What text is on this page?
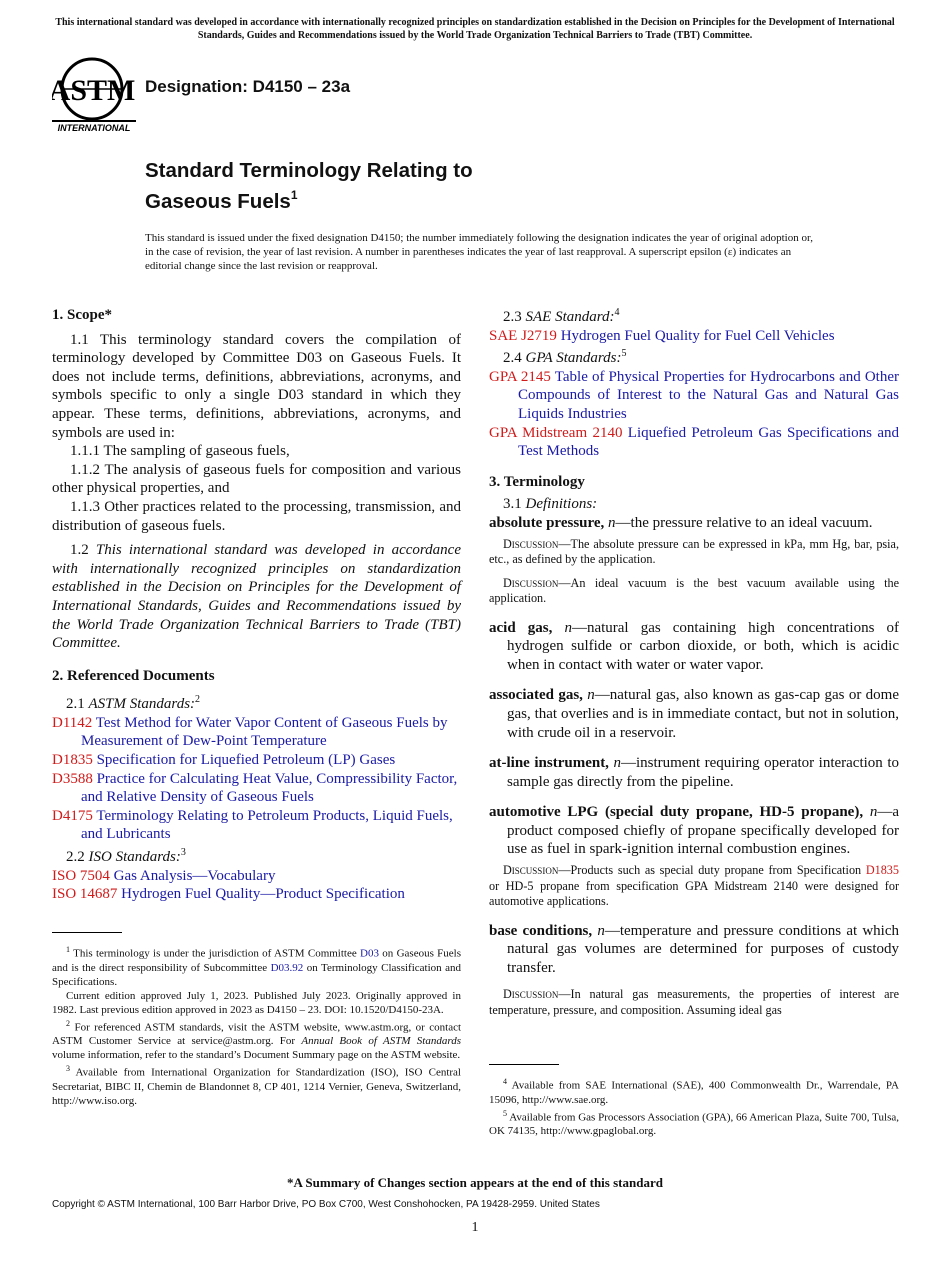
This international standard was developed in accordance with internationally recognized principles on standardization established in the Decision on Principles for the Development of International Standards, Guides and Recommendations issued by the World Trade Organization Technical Barriers to Trade (TBT) Committee.
ASTM
INTERNATIONAL
Designation: D4150 – 23a
Standard Terminology Relating to
Gaseous Fuels$^1$
This standard is issued under the fixed designation D4150; the number immediately following the designation indicates the year of original adoption or, in the case of revision, the year of last revision. A number in parentheses indicates the year of last reapproval. A superscript epsilon (ε) indicates an editorial change since the last revision or reapproval.

1. Scope*

1.1 This terminology standard covers the compilation of terminology developed by Committee D03 on Gaseous Fuels. It does not include terms, definitions, abbreviations, acronyms, and symbols specific to only a single D03 standard in which they appear. These terms, definitions, abbreviations, acronyms, and symbols are used in:

1.1.1 The sampling of gaseous fuels,

1.1.2 The analysis of gaseous fuels for composition and various other physical properties, and

1.1.3 Other practices related to the processing, transmission, and distribution of gaseous fuels.

1.2 This international standard was developed in accordance with internationally recognized principles on standardization established in the Decision on Principles for the Development of International Standards, Guides and Recommendations issued by the World Trade Organization Technical Barriers to Trade (TBT) Committee.

2. Referenced Documents

2.1 ASTM Standards:$^2$

D1142 Test Method for Water Vapor Content of Gaseous Fuels by Measurement of Dew-Point Temperature

D1835 Specification for Liquefied Petroleum (LP) Gases

D3588 Practice for Calculating Heat Value, Compressibility Factor, and Relative Density of Gaseous Fuels

D4175 Terminology Relating to Petroleum Products, Liquid Fuels, and Lubricants

2.2 ISO Standards:$^3$

ISO 7504 Gas Analysis—Vocabulary

ISO 14687 Hydrogen Fuel Quality—Product Specification

$^1$ This terminology is under the jurisdiction of ASTM Committee D03 on Gaseous Fuels and is the direct responsibility of Subcommittee D03.92 on Terminology Classification and Specifications.

Current edition approved July 1, 2023. Published July 2023. Originally approved in 1982. Last previous edition approved in 2023 as D4150 – 23. DOI: 10.1520/D4150-23A.

$^2$ For referenced ASTM standards, visit the ASTM website, www.astm.org, or contact ASTM Customer Service at service@astm.org. For Annual Book of ASTM Standards volume information, refer to the standard’s Document Summary page on the ASTM website.

$^3$ Available from International Organization for Standardization (ISO), ISO Central Secretariat, BIBC II, Chemin de Blandonnet 8, CP 401, 1214 Vernier, Geneva, Switzerland, http://www.iso.org.

2.3 SAE Standard:$^4$

SAE J2719 Hydrogen Fuel Quality for Fuel Cell Vehicles

2.4 GPA Standards:$^5$

GPA 2145 Table of Physical Properties for Hydrocarbons and Other Compounds of Interest to the Natural Gas and Natural Gas Liquids Industries

GPA Midstream 2140 Liquefied Petroleum Gas Specifications and Test Methods

3. Terminology

3.1 Definitions:

absolute pressure, n—the pressure relative to an ideal vacuum.

Discussion—The absolute pressure can be expressed in kPa, mm Hg, bar, psia, etc., as defined by the application.

Discussion—An ideal vacuum is the best vacuum available using the application.

acid gas, n—natural gas containing high concentrations of hydrogen sulfide or carbon dioxide, or both, which is acidic when in contact with water or water vapor.

associated gas, n—natural gas, also known as gas-cap gas or dome gas, that overlies and is in immediate contact, but not in solution, with crude oil in a reservoir.

at-line instrument, n—instrument requiring operator interaction to sample gas directly from the pipeline.

automotive LPG (special duty propane, HD-5 propane), n—a product composed chiefly of propane specifically developed for use as fuel in spark-ignition internal combustion engines.

Discussion—Products such as special duty propane from Specification D1835 or HD-5 propane from specification GPA Midstream 2140 were designed for automotive applications.

base conditions, n—temperature and pressure conditions at which natural gas volumes are determined for purposes of custody transfer.

Discussion—In natural gas measurements, the properties of interest are temperature, pressure, and composition. Assuming ideal gas

$^4$ Available from SAE International (SAE), 400 Commonwealth Dr., Warrendale, PA 15096, http://www.sae.org.

$^5$ Available from Gas Processors Association (GPA), 66 American Plaza, Suite 700, Tulsa, OK 74135, http://www.gpaglobal.org.

*A Summary of Changes section appears at the end of this standard
Copyright © ASTM International, 100 Barr Harbor Drive, PO Box C700, West Conshohocken, PA 19428-2959. United States
1
